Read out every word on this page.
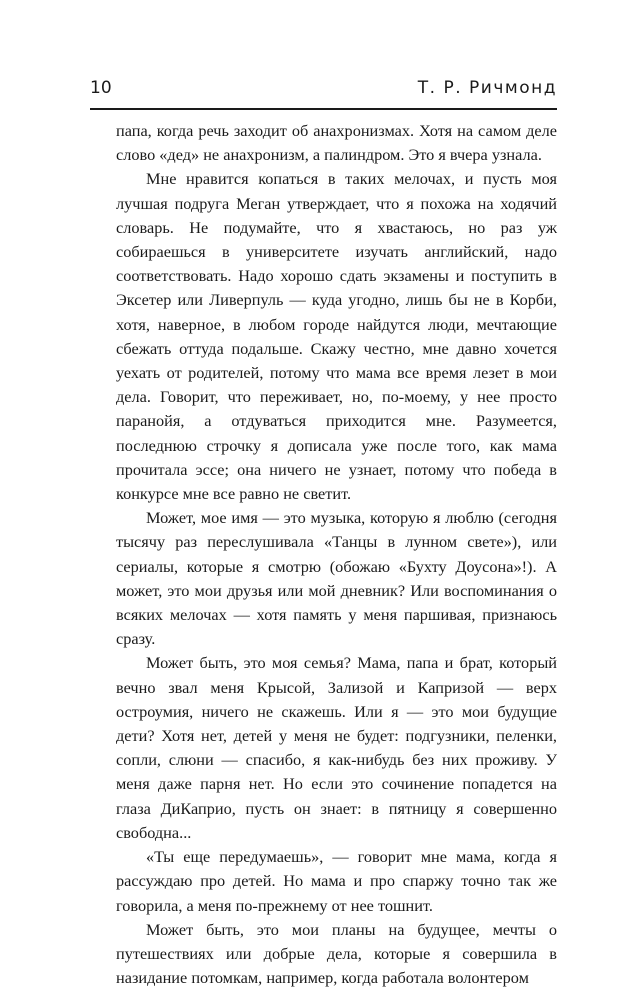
10	Т. Р. Ричмонд

папа, когда речь заходит об анахронизмах. Хотя на самом деле слово «дед» не анахронизм, а палиндром. Это я вчера узнала.

Мне нравится копаться в таких мелочах, и пусть моя лучшая подруга Меган утверждает, что я похожа на ходячий словарь. Не подумайте, что я хвастаюсь, но раз уж собираешься в университете изучать английский, надо соответствовать. Надо хорошо сдать экзамены и поступить в Эксетер или Ливерпуль — куда угодно, лишь бы не в Корби, хотя, наверное, в любом городе найдутся люди, мечтающие сбежать оттуда подальше. Скажу честно, мне давно хочется уехать от родителей, потому что мама все время лезет в мои дела. Говорит, что переживает, но, по-моему, у нее просто паранойя, а отдуваться приходится мне. Разумеется, последнюю строчку я дописала уже после того, как мама прочитала эссе; она ничего не узнает, потому что победа в конкурсе мне все равно не светит.

Может, мое имя — это музыка, которую я люблю (сегодня тысячу раз переслушивала «Танцы в лунном свете»), или сериалы, которые я смотрю (обожаю «Бухту Доусона»!). А может, это мои друзья или мой дневник? Или воспоминания о всяких мелочах — хотя память у меня паршивая, признаюсь сразу.

Может быть, это моя семья? Мама, папа и брат, который вечно звал меня Крысой, Зализой и Капризой — верх остроумия, ничего не скажешь. Или я — это мои будущие дети? Хотя нет, детей у меня не будет: подгузники, пеленки, сопли, слюни — спасибо, я как-нибудь без них проживу. У меня даже парня нет. Но если это сочинение попадется на глаза ДиКаприо, пусть он знает: в пятницу я совершенно свободна...

«Ты еще передумаешь», — говорит мне мама, когда я рассуждаю про детей. Но мама и про спаржу точно так же говорила, а меня по-прежнему от нее тошнит.

Может быть, это мои планы на будущее, мечты о путешествиях или добрые дела, которые я совершила в назидание потомкам, например, когда работала волонтером
